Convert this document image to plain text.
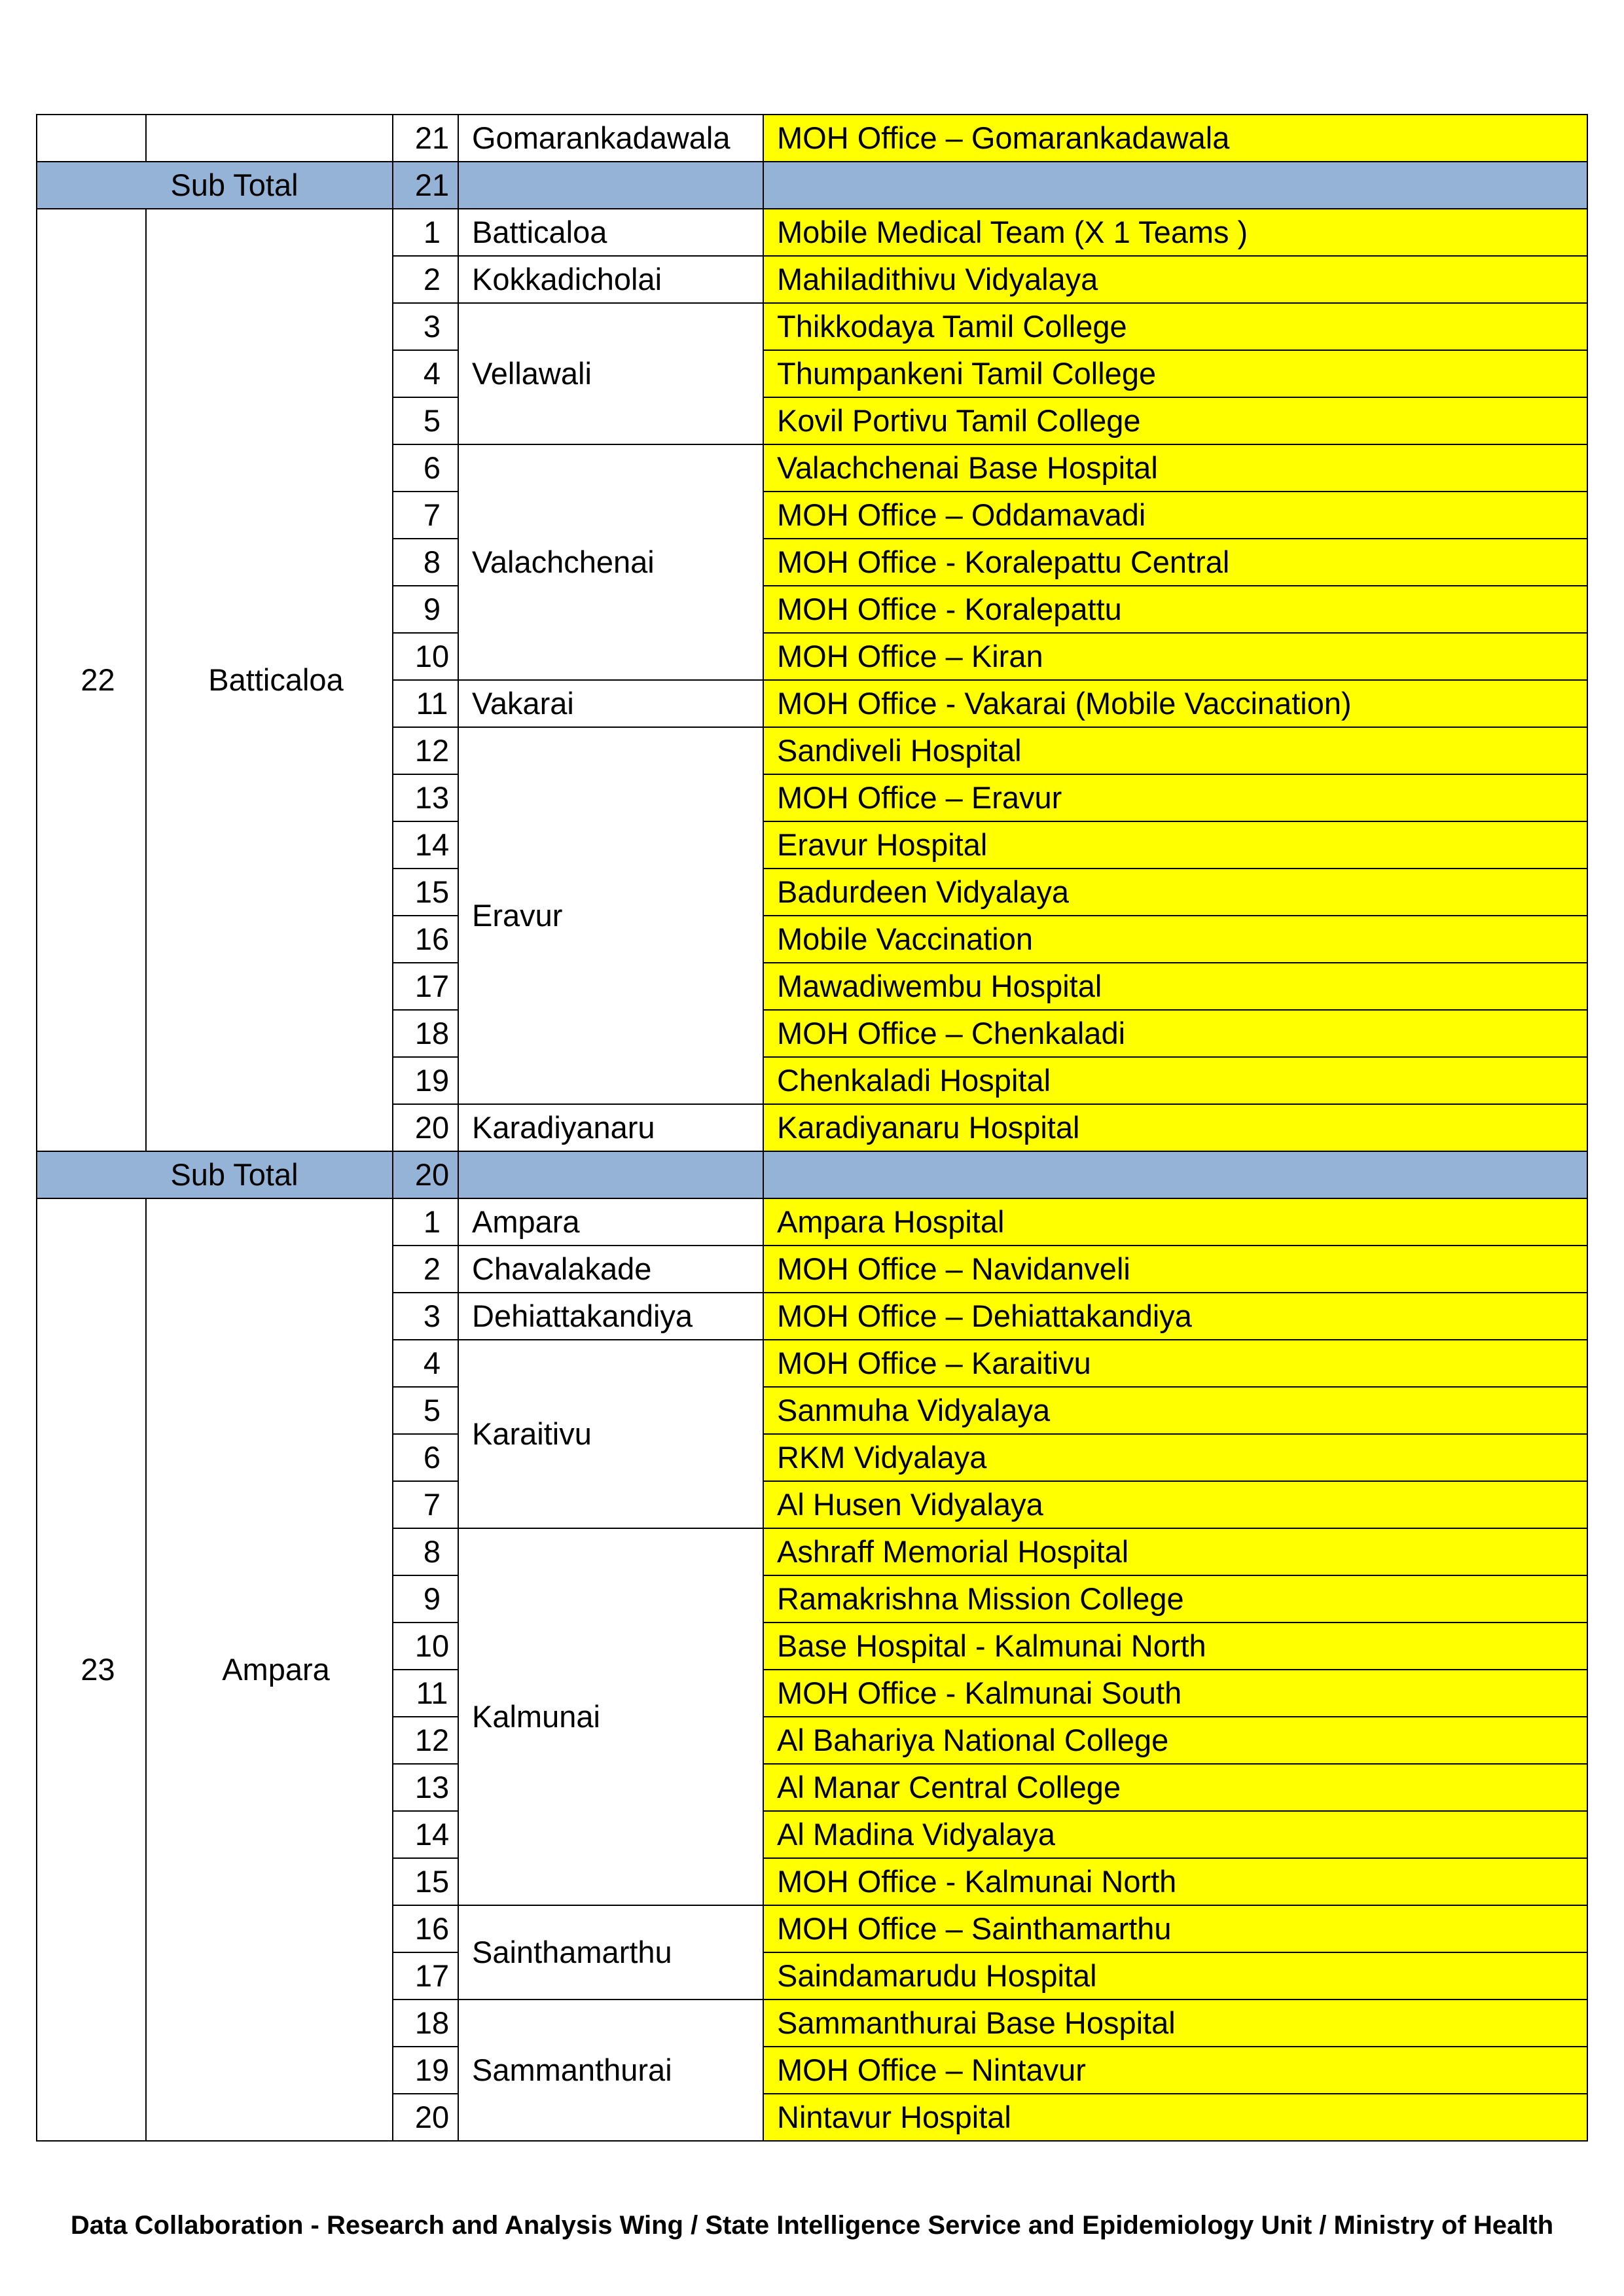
		21	Gomarankadawala	MOH Office – Gomarankadawala
Sub Total		21		
22	Batticaloa	1	Batticaloa	Mobile Medical Team (X 1 Teams )
		2	Kokkadicholai	Mahiladithivu Vidyalaya
		3	Vellawali	Thikkodaya Tamil College
		4		Thumpankeni Tamil College
		5		Kovil Portivu Tamil College
		6	Valachchenai	Valachchenai Base Hospital
		7		MOH Office – Oddamavadi
		8		MOH Office - Koralepattu Central
		9		MOH Office - Koralepattu
		10		MOH Office – Kiran
		11	Vakarai	MOH Office - Vakarai (Mobile Vaccination)
		12	Eravur	Sandiveli Hospital
		13		MOH Office – Eravur
		14		Eravur Hospital
		15		Badurdeen Vidyalaya
		16		Mobile Vaccination
		17		Mawadiwembu Hospital
		18		MOH Office – Chenkaladi
		19		Chenkaladi Hospital
		20	Karadiyanaru	Karadiyanaru Hospital
Sub Total		20		
23	Ampara	1	Ampara	Ampara Hospital
		2	Chavalakade	MOH Office – Navidanveli
		3	Dehiattakandiya	MOH Office – Dehiattakandiya
		4	Karaitivu	MOH Office – Karaitivu
		5		Sanmuha Vidyalaya
		6		RKM Vidyalaya
		7		Al Husen Vidyalaya
		8	Kalmunai	Ashraff Memorial Hospital
		9		Ramakrishna Mission College
		10		Base Hospital - Kalmunai North
		11		MOH Office - Kalmunai South
		12		Al Bahariya National College
		13		Al Manar Central College
		14		Al Madina Vidyalaya
		15		MOH Office - Kalmunai North
		16	Sainthamarthu	MOH Office – Sainthamarthu
		17		Saindamarudu Hospital
		18	Sammanthurai	Sammanthurai Base Hospital
		19		MOH Office – Nintavur
		20		Nintavur Hospital
Data Collaboration - Research and Analysis Wing / State Intelligence Service and Epidemiology Unit / Ministry of Health
